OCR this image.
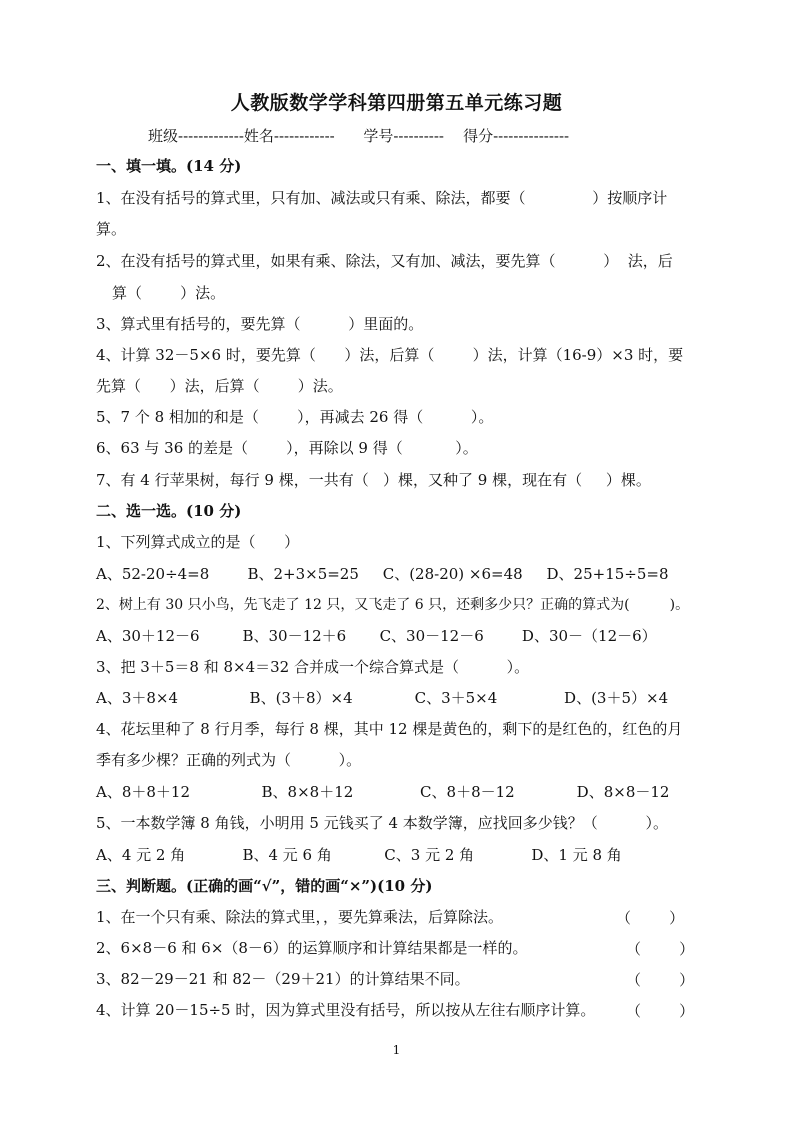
人教版数学学科第四册第五单元练习题
班级-------------姓名------------      学号----------    得分---------------
一、填一填。(14 分)
1、在没有括号的算式里，只有加、减法或只有乘、除法，都要（              ）按顺序计
算。
2、在没有括号的算式里，如果有乘、除法，又有加、减法，要先算（          ）  法，后
算（        ）法。
3、算式里有括号的，要先算（          ）里面的。
4、计算 32－5×6 时，要先算（      ）法，后算（        ）法，计算（16-9）×3 时，要
先算（      ）法，后算（        ）法。
5、7 个 8 相加的和是（        ），再减去 26 得（          ）。
6、63 与 36 的差是（        ），再除以 9 得（           ）。
7、有 4 行苹果树，每行 9 棵，一共有（   ）棵，又种了 9 棵，现在有（     ）棵。
二、选一选。(10 分)
1、下列算式成立的是（      ）
A、52-20÷4=8        B、2+3×5=25     C、(28-20) ×6=48     D、25+15÷5=8
2、树上有 30 只小鸟，先飞走了 12 只，又飞走了 6 只，还剩多少只？正确的算式为(         )。
A、30＋12－6         B、30－12＋6       C、30－12－6        D、30－（12－6）
3、把 3＋5＝8 和 8×4＝32 合并成一个综合算式是（          ）。
A、3＋8×4               B、(3＋8）×4             C、3＋5×4              D、(3＋5）×4
4、花坛里种了 8 行月季，每行 8 棵，其中 12 棵是黄色的，剩下的是红色的，红色的月
季有多少棵？正确的列式为（          ）。
A、8＋8＋12               B、8×8＋12              C、8＋8－12             D、8×8－12
5、一本数学簿 8 角钱，小明用 5 元钱买了 4 本数学簿，应找回多少钱？（          ）。
A、4 元 2 角            B、4 元 6 角           C、3 元 2 角            D、1 元 8 角
三、判断题。(正确的画“√”，错的画“×”)(10 分)
1、在一个只有乘、除法的算式里，，要先算乘法，后算除法。	（        ）
2、6×8－6 和 6×（8－6）的运算顺序和计算结果都是一样的。	（        ）
3、82－29－21 和 82－（29＋21）的计算结果不同。	（        ）
4、计算 20－15÷5 时，因为算式里没有括号，所以按从左往右顺序计算。 （        ）
1
